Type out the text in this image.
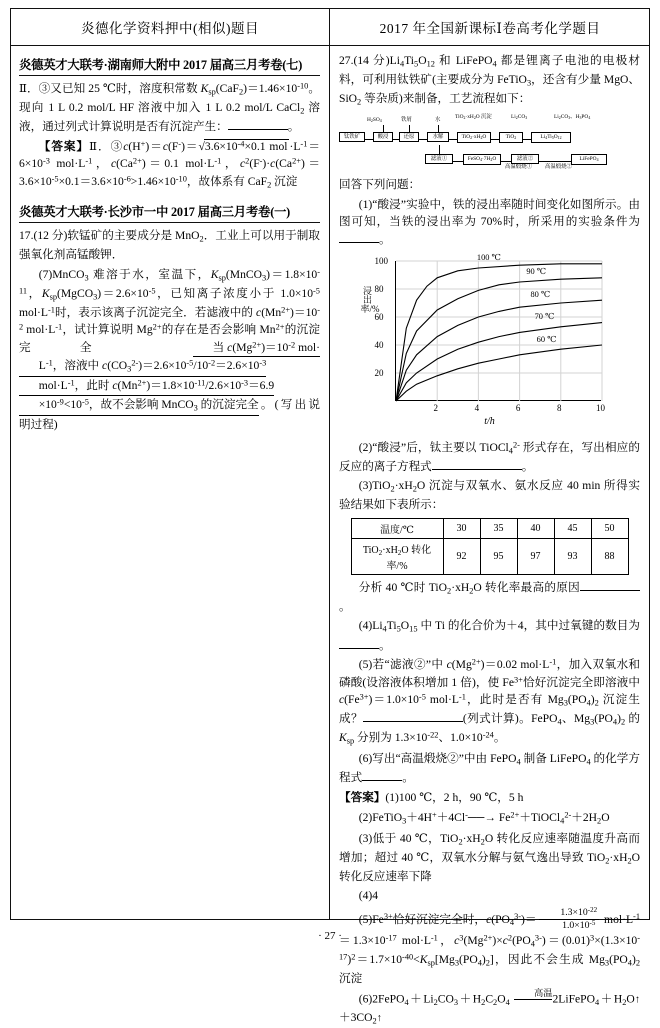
炎德化学资料押中(相似)题目	2017 年全国新课标Ⅰ卷高考化学题目
炎德英才大联考·湖南师大附中 2017 届高三月考卷(七)

Ⅱ．③又已知 25 ℃时，溶度积常数 $K_{sp}(CaF_2)=1.46\times 10^{-10}$。现向 1 L 0.2 mol/L HF 溶液中加入 1 L 0.2 mol/L CaCl$_2$ 溶液，通过列式计算说明是否有沉淀产生：	。

【答案】Ⅱ．$③c(H^+)=c(F^-)=√3.6\times 10^{-4}\times 0.1$ mol $\cdot L^{-1}=6\times 10^{-3}$ $mol\cdot L^{-1}$，$c(Ca^{2+})=0.1$ $mol\cdot L^{-1}$，$c^2(F^-)\cdot c(Ca^{2+})=3.6\times 10^{-5}\times 0.1=3.6\times 10^{-6}>1.46\times 10^{-10}$，故体系有 CaF$_2$ 沉淀

炎德英才大联考·长沙市一中 2017 届高三月考卷(一)

17.(12 分)软锰矿的主要成分是 MnO$_2$．工业上可以用于制取强氧化剂高锰酸钾．

(7)MnCO$_3$ 难溶于水，室温下，$K_{sp}(MnCO_3)=1.8\times 10^{-11}$，$K_{sp}(MgCO_3)=2.6\times 10^{-5}$，已知离子浓度小于 $1.0\times 10^{-5}$ $mol\cdot L^{-1}$时，表示该离子沉淀完全．若滤液中的 $c(Mn^{2+})=10^{-2}$ $mol\cdot L^{-1}$，试计算说明 $Mg^{2+}$的存在是否会影响 $Mn^{2+}$的沉淀完全 当 $c(Mg^{2+})=10^{-2}$ $mol\cdot L^{-1}$，溶液中 $c(CO_3^{2-})=2.6\times 10^{-5}/10^{-2}=2.6\times 10^{-3}mol\cdot L^{-1}$，此时 $c(Mn^{2+})=1.8\times 10^{-11}/2.6\times 10^{-3}=6.9\times 10^{-9}<10^{-5}$，故不会影响 MnCO$_3$ 的沉淀完全。(写出说明过程)

27.(14 分)$Li_4Ti_5O_{12}$ 和 LiFePO$_4$ 都是锂离子电池的电极材料，可利用钛铁矿(主要成分为 FeTiO$_3$，还含有少量 MgO、SiO$_2$ 等杂质)来制备，工艺流程如下：

$H_2SO_4$	铁屑	水	$TiO_2\cdot xH_2O$ 沉淀	$Li_2CO_3$	$Li_2CO_3$、$H_3PO_4$
钛铁矿	酸浸	还原	水解	$TiO_2\cdot xH_2O$	TiO$_2$	$Li_4Ti_5O_{12}$
滤液①	$FeSO_4\cdot 7H_2O$	滤液②	LiFePO$_4$
高温煅烧① 高温煅烧②

回答下列问题：

(1)“酸浸”实验中，铁的浸出率随时间变化如图所示。由图可知，当铁的浸出率为 70%时，所采用的实验条件为。

浸出率/%
2	4	6	8	10
20
40
60
80
100	100 ℃
90 ℃
80 ℃
70 ℃
60 ℃
t/h

(2)“酸浸”后，钛主要以 TiOCl$_4^{2-}$ 形式存在，写出相应的反应的离子方程式	。

$(3)TiO_2\cdot xH_2O$ 沉淀与双氧水、氨水反应 40 min 所得实验结果如下表所示：

温度/℃	30	35	40	45	50
$TiO_2\cdot xH_2O$ 转化率/%	92	95	97	93	88

分析 40 ℃时 $TiO_2\cdot xH_2O$ 转化率最高的原因。

$(4)Li_4Ti_5O_{15}$ 中 Ti 的化合价为＋4，其中过氧键的数目为。

(5)若“滤液②”中 $c(Mg^{2+})=0.02$ $mol\cdot L^{-1}$，加入双氧水和磷酸(设溶液体积增加 1 倍)，使 $Fe^{3+}$恰好沉淀完全即溶液中 $c(Fe^{3+})=1.0\times 10^{-5}$ $mol\cdot L^{-1}$，此时是否有 $Mg_3(PO_4)_2$ 沉淀生成？	(列式计算)。FePO$_4$、$Mg_3(PO_4)_2$ 的 $K_{sp}$ 分别为 $1.3\times 10^{-22}$、$1.0\times 10^{-24}$。

(6)写出“高温煅烧②”中由 FePO$_4$ 制备 LiFePO$_4$ 的化学方程式	。

【答案】(1)100 ℃，2 h，90 ℃，5 h

(2)FeTiO$_3$＋4H+＋4Cl-──→ $Fe^{2+}+TiOCl_4^{2-}+2H_2O$

(3)低于 40 ℃，$TiO_2\cdot xH_2O$ 转化反应速率随温度升高而增加；超过 40 ℃，双氧水分解与氨气逸出导致 $TiO_2\cdot xH_2O$ 转化反应速率下降

(4)4

$(5)Fe^{3+}$恰好沉淀完全时，$c(PO_4^{3-})= \frac{1.3\times 10^{-22}}{1.0\times 10^{-5}} mol\cdot L^{-1}=1.3\times 10^{-17}$ $mol\cdot L^{-1}$，$c^3(Mg^{2+})\times c^2(PO_4^{3-})=(0.01)^3\times(1.3\times 10^{-17})^2=1.7\times 10^{-40}<K_{sp}[Mg_3(PO_4)_2]$，因此不会生成 $Mg_3(PO_4)_2$ 沉淀

$(6)2FePO_4+Li_2CO_3+H_2C_2O_4$
高温
$2LiFePO_4+H_2O↑+3CO_2↑$

· 27 ·
